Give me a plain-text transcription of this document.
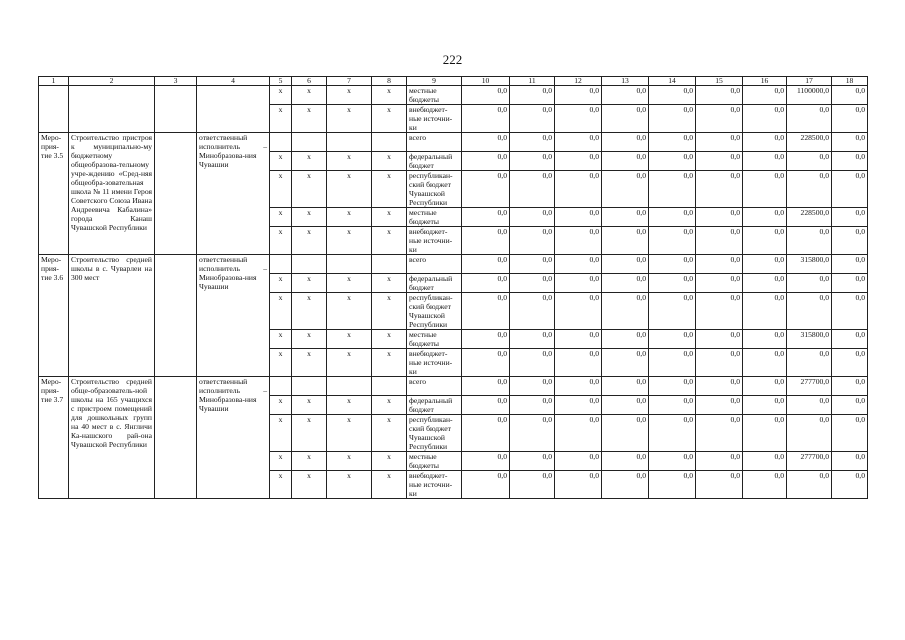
222
1	2	3	4	5	6	7	8	9	10	11	12	13	14	15	16	17	18
				x	x	x	x	местные бюджеты	0,0	0,0	0,0	0,0	0,0	0,0	0,0	1100000,0	0,0
				x	x	x	x	внебюджет-ные источни-ки	0,0	0,0	0,0	0,0	0,0	0,0	0,0	0,0	0,0
Меро-прия-тие 3.5	Строительство пристроя к муниципально-му бюджетному общеобразова-тельному учре-ждению «Сред-няя общеобра-зовательная школа № 11 имени Героя Советского Союза Ивана Андреевича Кабалина» города Канаш Чувашской Республики		ответственный исполнитель – Минобразова-ния Чувашии					всего	0,0	0,0	0,0	0,0	0,0	0,0	0,0	228500,0	0,0
				x	x	x	x	федеральный бюджет	0,0	0,0	0,0	0,0	0,0	0,0	0,0	0,0	0,0
				x	x	x	x	республикан-ский бюджет Чувашской Республики	0,0	0,0	0,0	0,0	0,0	0,0	0,0	0,0	0,0
				x	x	x	x	местные бюджеты	0,0	0,0	0,0	0,0	0,0	0,0	0,0	228500,0	0,0
				x	x	x	x	внебюджет-ные источни-ки	0,0	0,0	0,0	0,0	0,0	0,0	0,0	0,0	0,0
Меро-прия-тие 3.6	Строительство средней школы в с. Чуварлеи на 300 мест		ответственный исполнитель – Минобразова-ния Чувашии					всего	0,0	0,0	0,0	0,0	0,0	0,0	0,0	315800,0	0,0
				x	x	x	x	федеральный бюджет	0,0	0,0	0,0	0,0	0,0	0,0	0,0	0,0	0,0
				x	x	x	x	республикан-ский бюджет Чувашской Республики	0,0	0,0	0,0	0,0	0,0	0,0	0,0	0,0	0,0
				x	x	x	x	местные бюджеты	0,0	0,0	0,0	0,0	0,0	0,0	0,0	315800,0	0,0
				x	x	x	x	внебюджет-ные источни-ки	0,0	0,0	0,0	0,0	0,0	0,0	0,0	0,0	0,0
Меро-прия-тие 3.7	Строительство средней обще-образователь-ной школы на 165 учащихся с пристроем помещений для дошкольных групп на 40 мест в с. Янгличи Ка-нашского рай-она Чувашской Республики		ответственный исполнитель – Минобразова-ния Чувашии					всего	0,0	0,0	0,0	0,0	0,0	0,0	0,0	277700,0	0,0
				x	x	x	x	федеральный бюджет	0,0	0,0	0,0	0,0	0,0	0,0	0,0	0,0	0,0
				x	x	x	x	республикан-ский бюджет Чувашской Республики	0,0	0,0	0,0	0,0	0,0	0,0	0,0	0,0	0,0
				x	x	x	x	местные бюджеты	0,0	0,0	0,0	0,0	0,0	0,0	0,0	277700,0	0,0
				x	x	x	x	внебюджет-ные источни-ки	0,0	0,0	0,0	0,0	0,0	0,0	0,0	0,0	0,0
